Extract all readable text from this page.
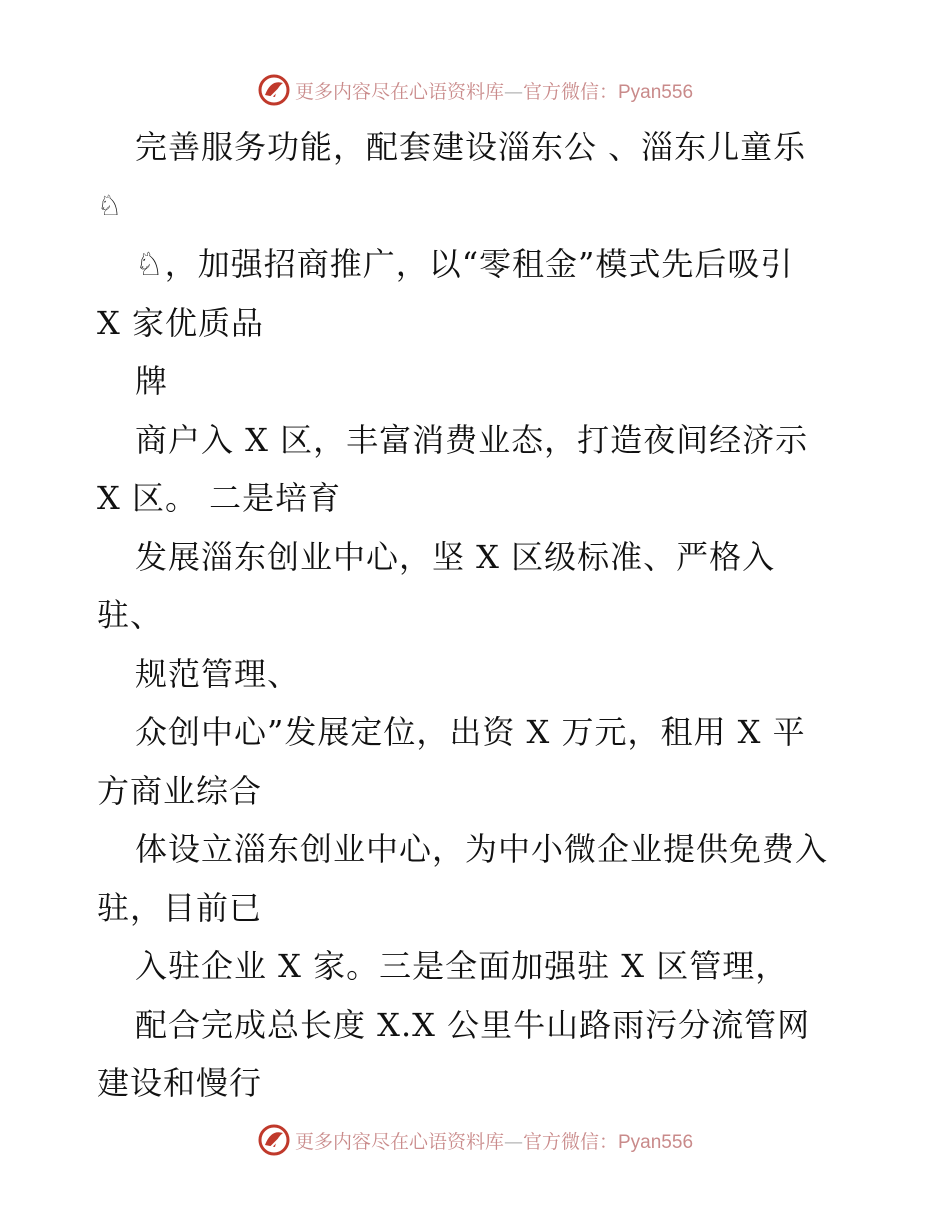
更多内容尽在心语资料库—官方微信：Pyan556
完善服务功能，配套建设淄东公 、淄东儿童乐
♘
♘，加强招商推广，以“零租金”模式先后吸引
X 家优质品
牌
商户入 X 区，丰富消费业态，打造夜间经济示
X 区。 二是培育
发展淄东创业中心，坚 X 区级标准、严格入
驻、
规范管理、
众创中心”发展定位，出资 X 万元，租用 X 平
方商业综合
体设立淄东创业中心，为中小微企业提供免费入
驻，目前已
入驻企业 X 家。三是全面加强驻 X 区管理，
配合完成总长度 X.X 公里牛山路雨污分流管网
建设和慢行
更多内容尽在心语资料库—官方微信：Pyan556
